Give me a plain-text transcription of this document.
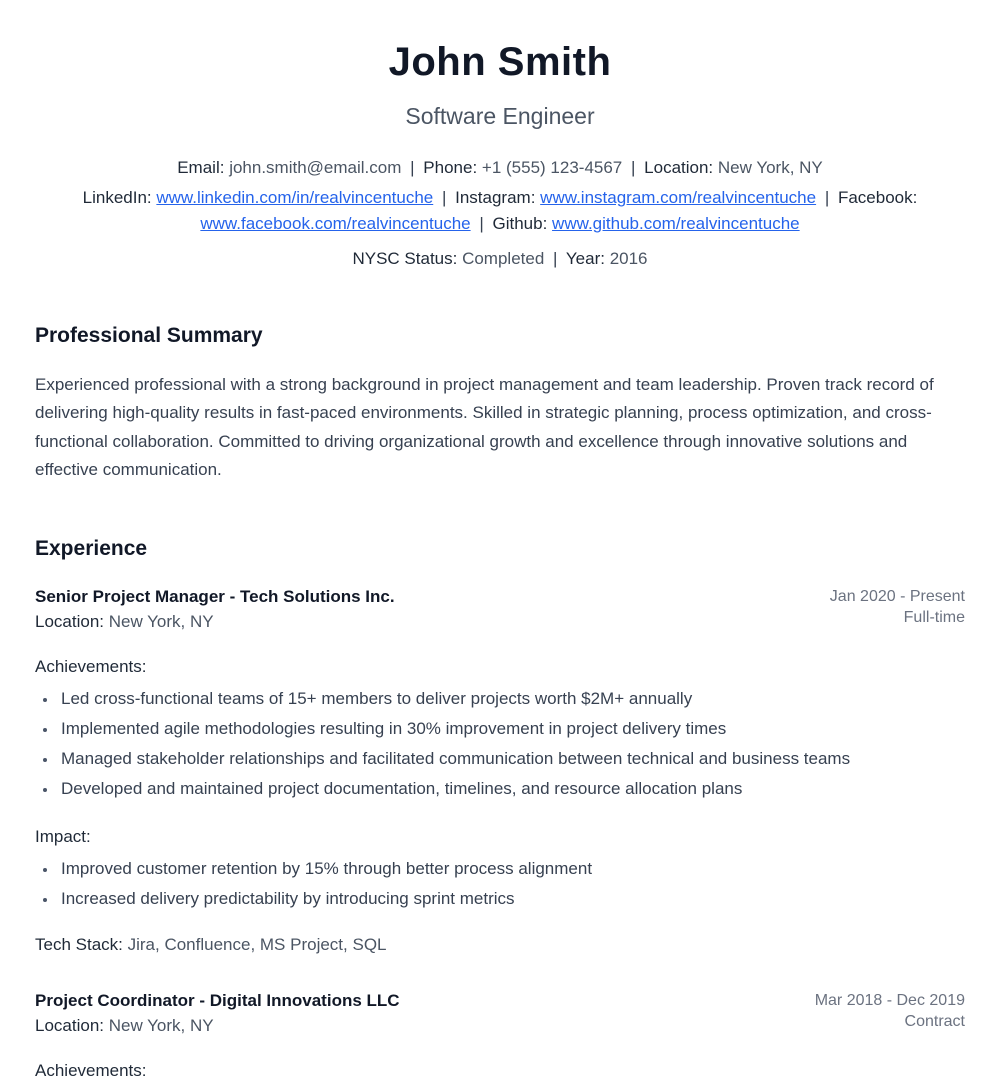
John Smith
Software Engineer

Email: john.smith@email.com | Phone: +1 (555) 123-4567 | Location: New York, NY

LinkedIn: www.linkedin.com/in/realvincentuche | Instagram: www.instagram.com/realvincentuche | Facebook: www.facebook.com/realvincentuche | Github: www.github.com/realvincentuche

NYSC Status: Completed | Year: 2016

Professional Summary

Experienced professional with a strong background in project management and team leadership. Proven track record of delivering high-quality results in fast-paced environments. Skilled in strategic planning, process optimization, and cross-functional collaboration. Committed to driving organizational growth and excellence through innovative solutions and effective communication.

Experience
Senior Project Manager - Tech Solutions Inc.
Location: New York, NY
Jan 2020 - Present
Full-time
Achievements:
• Led cross-functional teams of 15+ members to deliver projects worth $2M+ annually
• Implemented agile methodologies resulting in 30% improvement in project delivery times
• Managed stakeholder relationships and facilitated communication between technical and business teams
• Developed and maintained project documentation, timelines, and resource allocation plans
Impact:
• Improved customer retention by 15% through better process alignment
• Increased delivery predictability by introducing sprint metrics

Tech Stack: Jira, Confluence, MS Project, SQL

Project Coordinator - Digital Innovations LLC
Location: New York, NY
Mar 2018 - Dec 2019
Contract
Achievements:
